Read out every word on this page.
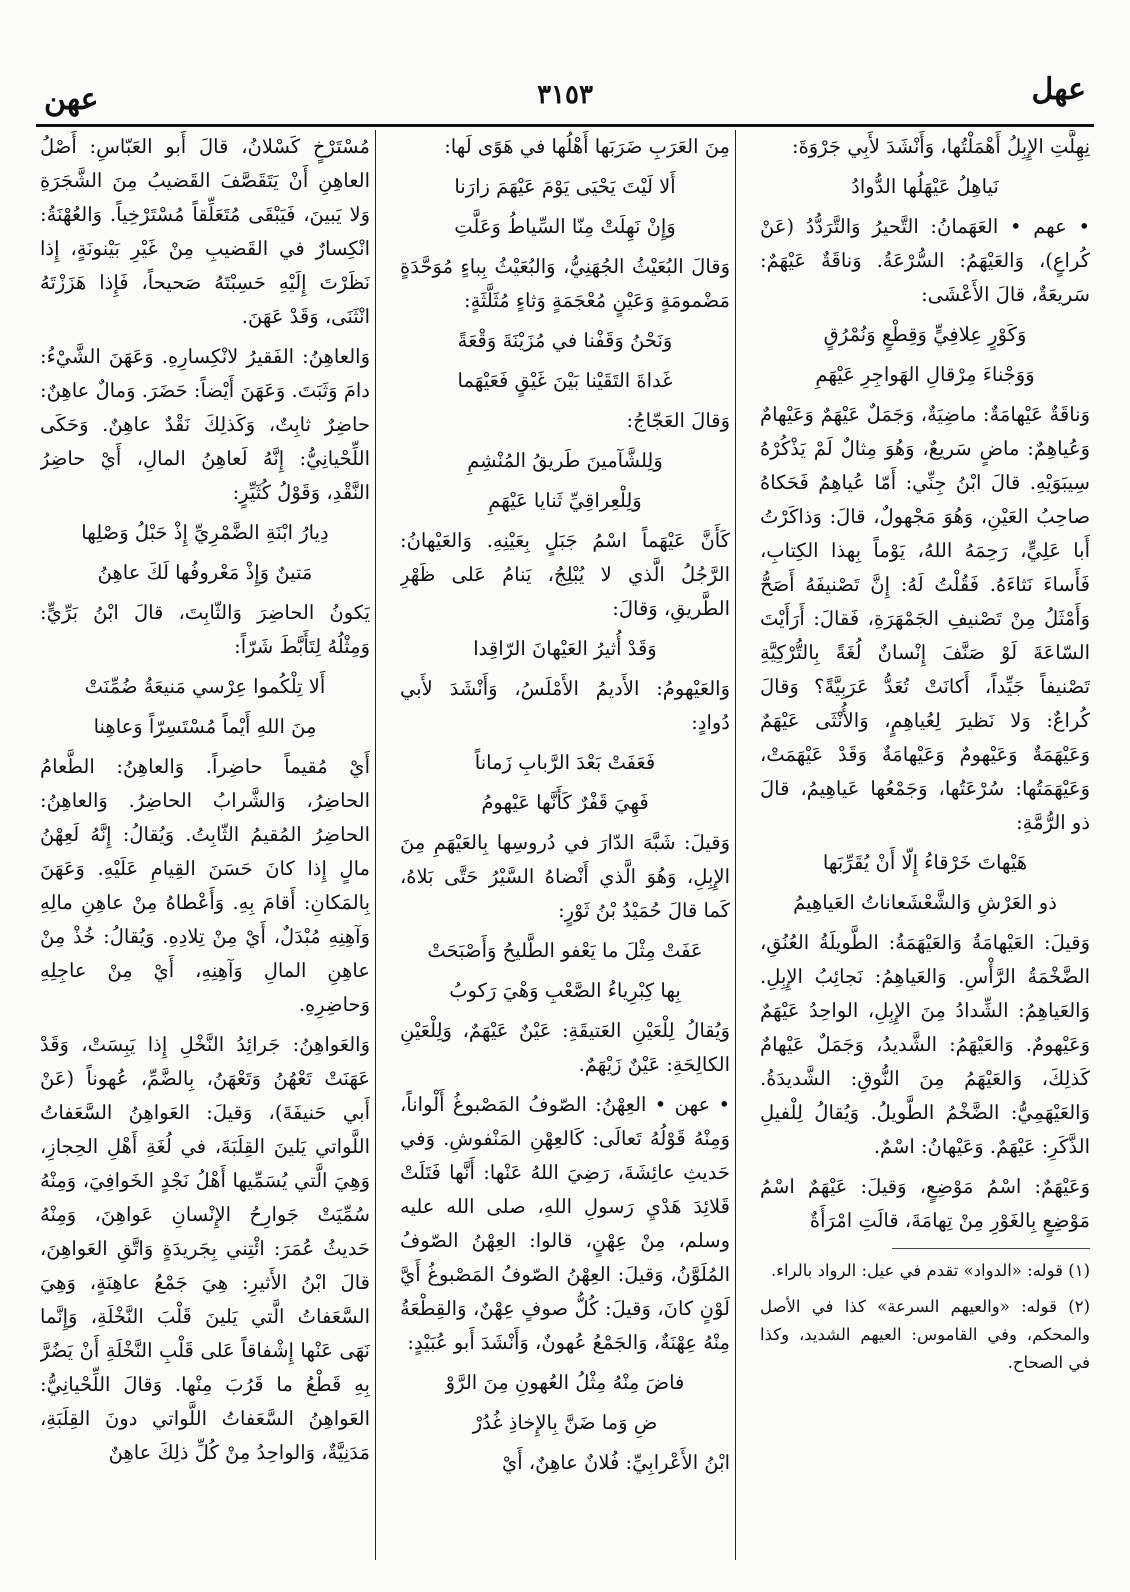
عهل
٣١٥٣
عهن

نِهِلَّتِ الإِبِلُ أَهْمَلْتُها، وَأَنْشَدَ لأَبِي جَرْوَةَ:

نَياهِلُ عَيْهَلُها الدُّوادُ

• عهم • العَهَمانُ: التَّحيرُ وَالتَّرَدُّدُ (عَنْ كُراعٍ)، وَالعَيْهَمُ: السُّرْعَةُ. وَناقَةٌ عَيْهَمٌ: سَريعَةٌ، قالَ الأَعْشَى:

وَكَوْرٍ عِلافِيٍّ وَقِطْعٍ وَنُمْرُقٍ

وَوَجْناءَ مِرْقالِ الهَواجِرِ عَيْهَمِ

وَناقَةٌ عَيْهامَةٌ: ماضِيَةٌ، وَجَمَلٌ عَيْهَمٌ وَعَيْهامٌ وَعُياهِمٌ: ماضٍ سَريعٌ، وَهُوَ مِثالٌ لَمْ يَذْكُرْهُ سِيبَوَيْهِ. قالَ ابْنُ جِنِّي: أَمّا عُياهِمٌ فَحَكاهُ صاحِبُ العَيْنِ، وَهُوَ مَجْهولٌ، قالَ: وَذاكَرْتُ أَبا عَلِيٍّ، رَحِمَهُ اللهُ، يَوْماً بِهذا الكِتابِ، فَأَساءَ نَثاءَهُ. فَقُلْتُ لَهُ: إِنَّ تَصْنيفَهُ أَصَحُّ وَأَمْثَلُ مِنْ تَصْنيفِ الجَمْهَرَةِ، فَقالَ: أَرَأَيْتَ السّاعَةَ لَوْ صَنَّفَ إِنْسانٌ لُغَةً بِالتُّرْكِيَّةِ تَصْنيفاً جَيِّداً، أَكانَتْ تُعَدُّ عَرَبِيَّةً؟ وَقالَ كُراعٌ: وَلا نَظيرَ لِعُياهِمٍ، وَالأُنْثَى عَيْهَمٌ وَعَيْهَمَةٌ وَعَيْهومٌ وَعَيْهامَةٌ وَقَدْ عَيْهَمَتْ، وَعَيْهَمَتُها: سُرْعَتُها، وَجَمْعُها عَياهِيمُ، قالَ ذو الرُّمَّةِ:

هَيْهاتَ خَرْقاءُ إِلّا أَنْ يُقَرِّبَها

ذو العَرْشِ وَالشَّعْشَعاناتُ العَياهِيمُ

وَقيلَ: العَيْهامَةُ وَالعَيْهَمَةُ: الطَّويلَةُ العُنُقِ، الضَّخْمَةُ الرَّأْسِ. وَالعَياهِمُ: نَجائِبُ الإِبِلِ. وَالعَياهِمُ: الشِّدادُ مِنَ الإِبِلِ، الواحِدُ عَيْهَمٌ وَعَيْهومٌ. وَالعَيْهَمُ: الشَّديدُ، وَجَمَلٌ عَيْهامٌ كَذلِكَ، وَالعَيْهَمُ مِنَ النُّوقِ: الشَّديدَةُ. وَالعَيْهَمِيُّ: الضَّخْمُ الطَّويلُ. وَيُقالُ لِلْفيلِ الذَّكَرِ: عَيْهَمٌ. وَعَيْهانُ: اسْمٌ.

وَعَيْهَمٌ: اسْمُ مَوْضِعٍ، وَقيلَ: عَيْهَمٌ اسْمُ مَوْضِعٍ بِالغَوْرِ مِنْ تِهامَةَ، قالَتِ امْرَأَةٌ

(١) قوله: «الدواد» تقدم في عيل: الرواد بالراء.

(٢) قوله: «والعيهم السرعة» كذا في الأصل والمحكم، وفي القاموس: العيهم الشديد، وكذا في الصحاح.

مِنَ العَرَبِ ضَرَبَها أَهْلُها في هَوًى لَها:

أَلا لَيْتَ يَحْيَى يَوْمَ عَيْهَمَ زارَنا

وَإِنْ نَهِلَتْ مِنّا السِّياطُ وَعَلَّتِ

وَقالَ البُعَيْثُ الجُهَنِيُّ، وَالبُعَيْثُ بِباءٍ مُوَحَّدَةٍ مَضْمومَةٍ وَعَيْنٍ مُعْجَمَةٍ وَثاءٍ مُثَلَّثَةٍ:

وَنَحْنُ وَقَفْنا في مُزَيْنَةَ وَقْعَةً

غَداةَ التَقَيْنا بَيْنَ غَيْقٍ فَعَيْهَما

وَقالَ العَجّاجُ:

وَلِلشَّآمينَ طَريقُ المُنْشِمِ

وَلِلْعِراقِيِّ ثَنايا عَيْهَمِ

كَأَنَّ عَيْهَماً اسْمُ جَبَلٍ بِعَيْنِهِ. وَالعَيْهانُ: الرَّجُلُ الَّذي لا يُبْلِجُ، يَنامُ عَلى ظَهْرِ الطَّريقِ، وَقالَ:

وَقَدْ أُثيرُ العَيْهانَ الرّاقِدا

وَالعَيْهومُ: الأَديمُ الأَمْلَسُ، وَأَنْشَدَ لأَبي دُوادٍ:

فَعَفَتْ بَعْدَ الرَّبابِ زَماناً

فَهِيَ قَفْرٌ كَأَنَّها عَيْهومُ

وَقيلَ: شَبَّهَ الدّارَ في دُروسِها بِالعَيْهَمِ مِنَ الإِبِلِ، وَهُوَ الَّذي أَنْضاهُ السَّيْرُ حَتَّى بَلاهُ، كَما قالَ حُمَيْدُ بْنُ ثَوْرٍ:

عَفَتْ مِثْلَ ما يَعْفو الطَّليحُ وَأَصْبَحَتْ

بِها كِبْرِياءُ الصَّعْبِ وَهْيَ رَكوبُ

وَيُقالُ لِلْعَيْنِ العَتيقَةِ: عَيْنٌ عَيْهَمٌ، وَلِلْعَيْنِ الكالِحَةِ: عَيْنٌ زَيْهَمٌ.

• عهن • العِهْنُ: الصّوفُ المَصْبوغُ أَلْواناً، وَمِنْهُ قَوْلُهُ تَعالَى: كَالعِهْنِ المَنْفوشِ. وَفي حَديثِ عائِشَةَ، رَضِيَ اللهُ عَنْها: أَنَّها فَتَلَتْ قَلائِدَ هَدْيِ رَسولِ اللهِ، صلى الله عليه وسلم، مِنْ عِهْنٍ، قالوا: العِهْنُ الصّوفُ المُلَوَّنُ، وَقيلَ: العِهْنُ الصّوفُ المَصْبوغُ أَيَّ لَوْنٍ كانَ، وَقيلَ: كُلُّ صوفٍ عِهْنٌ، وَالقِطْعَةُ مِنْهُ عِهْنَةٌ، وَالجَمْعُ عُهونٌ، وَأَنْشَدَ أَبو عُبَيْدٍ:

فاضَ مِنْهُ مِثْلُ العُهونِ مِنَ الرَّوْ

ضِ وَما ضَنَّ بِالإِخاذِ غُدُرْ

ابْنُ الأَعْرابِيِّ: فُلانٌ عاهِنٌ، أَيْ

مُسْتَرْخٍ كَسْلانُ، قالَ أَبو العَبّاسِ: أَصْلُ العاهِنِ أَنْ يَتَقَصَّفَ القَضيبُ مِنَ الشَّجَرَةِ وَلا يَبينَ، فَيَبْقَى مُتَعَلِّقاً مُسْتَرْخِياً. وَالعُهْنَةُ: انْكِسارٌ في القَضيبِ مِنْ غَيْرِ بَيْنونَةٍ، إِذا نَظَرْتَ إِلَيْهِ حَسِبْتَهُ صَحيحاً، فَإِذا هَزَزْتَهُ انْثَنَى، وَقَدْ عَهَنَ.

وَالعاهِنُ: الفَقيرُ لانْكِسارِهِ. وَعَهَنَ الشَّيْءُ: دامَ وَثَبَتَ. وَعَهَنَ أَيْضاً: حَضَرَ. وَمالٌ عاهِنٌ: حاضِرٌ ثابِتٌ، وَكَذلِكَ نَقْدٌ عاهِنٌ. وَحَكَى اللِّحْيانِيُّ: إِنَّهُ لَعاهِنُ المالِ، أَيْ حاضِرُ النَّقْدِ، وَقَوْلُ كُثَيِّرٍ:

دِيارُ ابْنَةِ الضَّمْرِيِّ إِذْ حَبْلُ وَصْلِها

مَتينٌ وَإِذْ مَعْروفُها لَكَ عاهِنُ

يَكونُ الحاضِرَ وَالثّابِتَ، قالَ ابْنُ بَرِّيٍّ: وَمِثْلُهُ لِتَأَبَّطَ شَرّاً:

أَلا تِلْكُموا عِرْسي مَنيعَةُ ضُمِّنَتْ

مِنَ اللهِ أَيْماً مُسْتَسِرّاً وَعاهِنا

أَيْ مُقيماً حاضِراً. وَالعاهِنُ: الطَّعامُ الحاضِرُ، وَالشَّرابُ الحاضِرُ. وَالعاهِنُ: الحاضِرُ المُقيمُ الثّابِتُ. وَيُقالُ: إِنَّهُ لَعِهْنُ مالٍ إِذا كانَ حَسَنَ القِيامِ عَلَيْهِ. وَعَهَنَ بِالمَكانِ: أَقامَ بِهِ. وَأَعْطاهُ مِنْ عاهِنِ مالِهِ وَآهِنِهِ مُبْدَلٌ، أَيْ مِنْ تِلادِهِ. وَيُقالُ: خُذْ مِنْ عاهِنِ المالِ وَآهِنِهِ، أَيْ مِنْ عاجِلِهِ وَحاضِرِهِ.

وَالعَواهِنُ: جَرائِدُ النَّخْلِ إِذا يَبِسَتْ، وَقَدْ عَهَنَتْ تَعْهُنُ وَتَعْهَنُ، بِالضَّمِّ، عُهوناً (عَنْ أَبي حَنيفَةَ)، وَقيلَ: العَواهِنُ السَّعَفاتُ اللَّواتي يَلينَ القِلَبَةَ، في لُغَةِ أَهْلِ الحِجازِ، وَهِيَ الَّتي يُسَمِّيها أَهْلُ نَجْدٍ الخَوافِيَ، وَمِنْهُ سُمِّيَتْ جَوارِحُ الإِنْسانِ عَواهِنَ، وَمِنْهُ حَديثُ عُمَرَ: ائْتِني بِجَريدَةٍ وَاتَّقِ العَواهِنَ، قالَ ابْنُ الأَثيرِ: هِيَ جَمْعُ عاهِنَةٍ، وَهِيَ السَّعَفاتُ الَّتي يَلينَ قَلْبَ النَّخْلَةِ، وَإِنَّما نَهَى عَنْها إِشْفاقاً عَلى قَلْبِ النَّخْلَةِ أَنْ يَضُرَّ بِهِ قَطْعُ ما قَرُبَ مِنْها. وَقالَ اللِّحْيانِيُّ: العَواهِنُ السَّعَفاتُ اللَّواتي دونَ القِلَبَةِ، مَدَنِيَّةٌ، وَالواحِدُ مِنْ كُلِّ ذلِكَ عاهِنٌ
